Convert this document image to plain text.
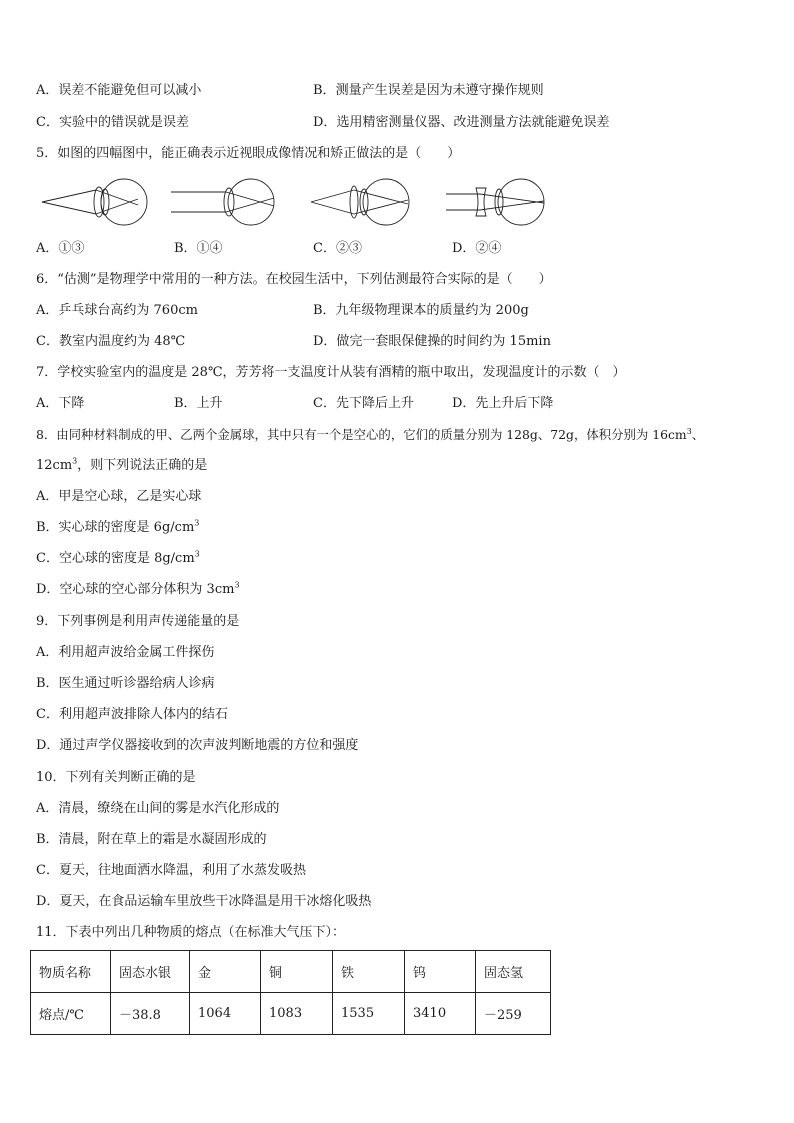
A．误差不能避免但可以减小	B．测量产生误差是因为未遵守操作规则
C．实验中的错误就是误差	D．选用精密测量仪器、改进测量方法就能避免误差
5．如图的四幅图中，能正确表示近视眼成像情况和矫正做法的是（　　）
A．①③	B．①④	C．②③	D．②④
6．“估测”是物理学中常用的一种方法。在校园生活中，下列估测最符合实际的是（　　）
A．乒乓球台高约为 760cm	B．九年级物理课本的质量约为 200g
C．教室内温度约为 48℃	D．做完一套眼保健操的时间约为 15min
7．学校实验室内的温度是 28℃，芳芳将一支温度计从装有酒精的瓶中取出，发现温度计的示数（　）
A．下降	B．上升	C．先下降后上升	D．先上升后下降
8．由同种材料制成的甲、乙两个金属球，其中只有一个是空心的，它们的质量分别为 128g、72g，体积分别为 $16cm^3$、
$12cm^3$，则下列说法正确的是
A．甲是空心球，乙是实心球
B．实心球的密度是 $6g/cm^3$
C．空心球的密度是 $8g/cm^3$
D．空心球的空心部分体积为 $3cm^3$
9．下列事例是利用声传递能量的是
A．利用超声波给金属工件探伤
B．医生通过听诊器给病人诊病
C．利用超声波排除人体内的结石
D．通过声学仪器接收到的次声波判断地震的方位和强度
10．下列有关判断正确的是
A．清晨，缭绕在山间的雾是水汽化形成的
B．清晨，附在草上的霜是水凝固形成的
C．夏天，往地面洒水降温，利用了水蒸发吸热
D．夏天，在食品运输车里放些干冰降温是用干冰熔化吸热
11．下表中列出几种物质的熔点（在标准大气压下）：
物质名称	固态水银	金	铜	铁	钨	固态氢
熔点/℃	－38.8	1064	1083	1535	3410	－259
